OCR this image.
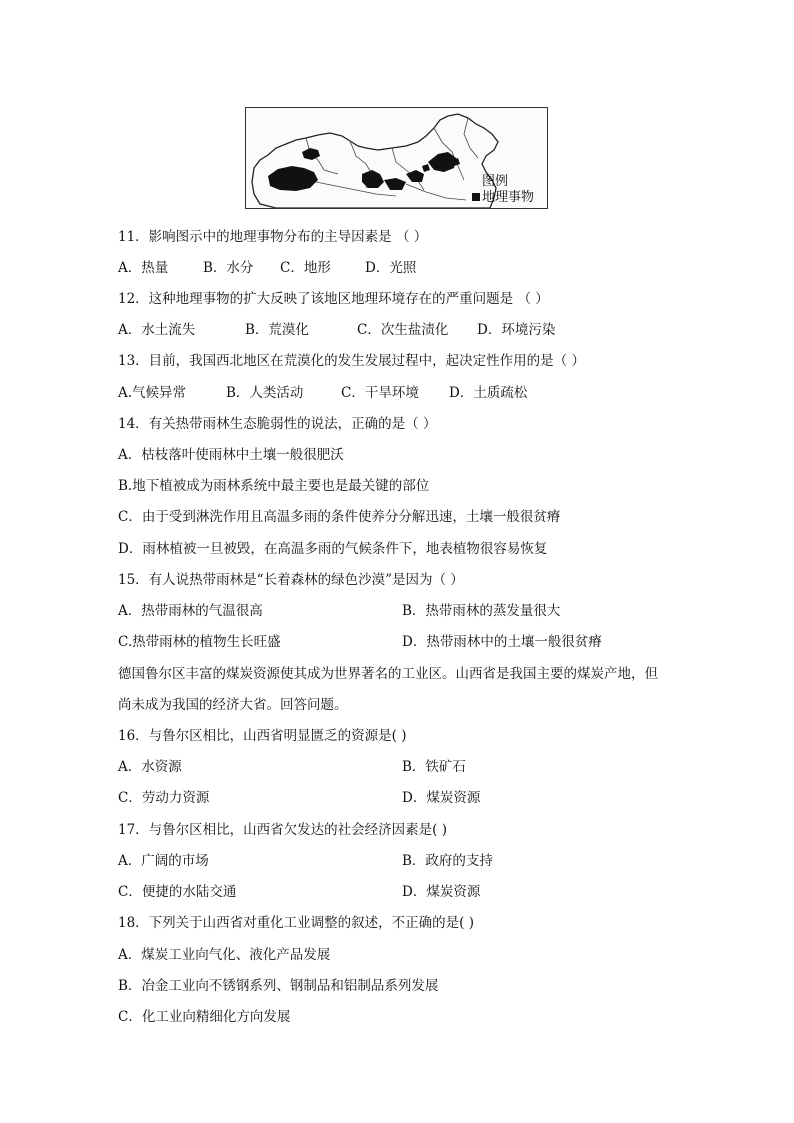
图例
地理事物
11．影响图示中的地理事物分布的主导因素是 （ ）
A．热量	B．水分 C．地形	D．光照
12．这种地理事物的扩大反映了该地区地理环境存在的严重问题是 （ ）
A．水土流失	B．荒漠化	C．次生盐渍化 D．环境污染
13．目前，我国西北地区在荒漠化的发生发展过程中，起决定性作用的是（ ）
A.气候异常	B．人类活动	C．干旱环境 D．土质疏松
14．有关热带雨林生态脆弱性的说法，正确的是（ ）
A．枯枝落叶使雨林中土壤一般很肥沃
B.地下植被成为雨林系统中最主要也是最关键的部位
C．由于受到淋洗作用且高温多雨的条件使养分分解迅速，土壤一般很贫瘠
D．雨林植被一旦被毁，在高温多雨的气候条件下，地表植物很容易恢复
15．有人说热带雨林是“长着森林的绿色沙漠”是因为（ ）
A．热带雨林的气温很高	B．热带雨林的蒸发量很大
C.热带雨林的植物生长旺盛	D．热带雨林中的土壤一般很贫瘠
德国鲁尔区丰富的煤炭资源使其成为世界著名的工业区。山西省是我国主要的煤炭产地，但
尚未成为我国的经济大省。回答问题。
16．与鲁尔区相比，山西省明显匮乏的资源是( )
A．水资源	B．铁矿石
C．劳动力资源	D．煤炭资源
17．与鲁尔区相比，山西省欠发达的社会经济因素是( )
A．广阔的市场	B．政府的支持
C．便捷的水陆交通	D．煤炭资源
18．下列关于山西省对重化工业调整的叙述，不正确的是( )
A．煤炭工业向气化、液化产品发展
B．冶金工业向不锈钢系列、钢制品和铝制品系列发展
C．化工业向精细化方向发展
